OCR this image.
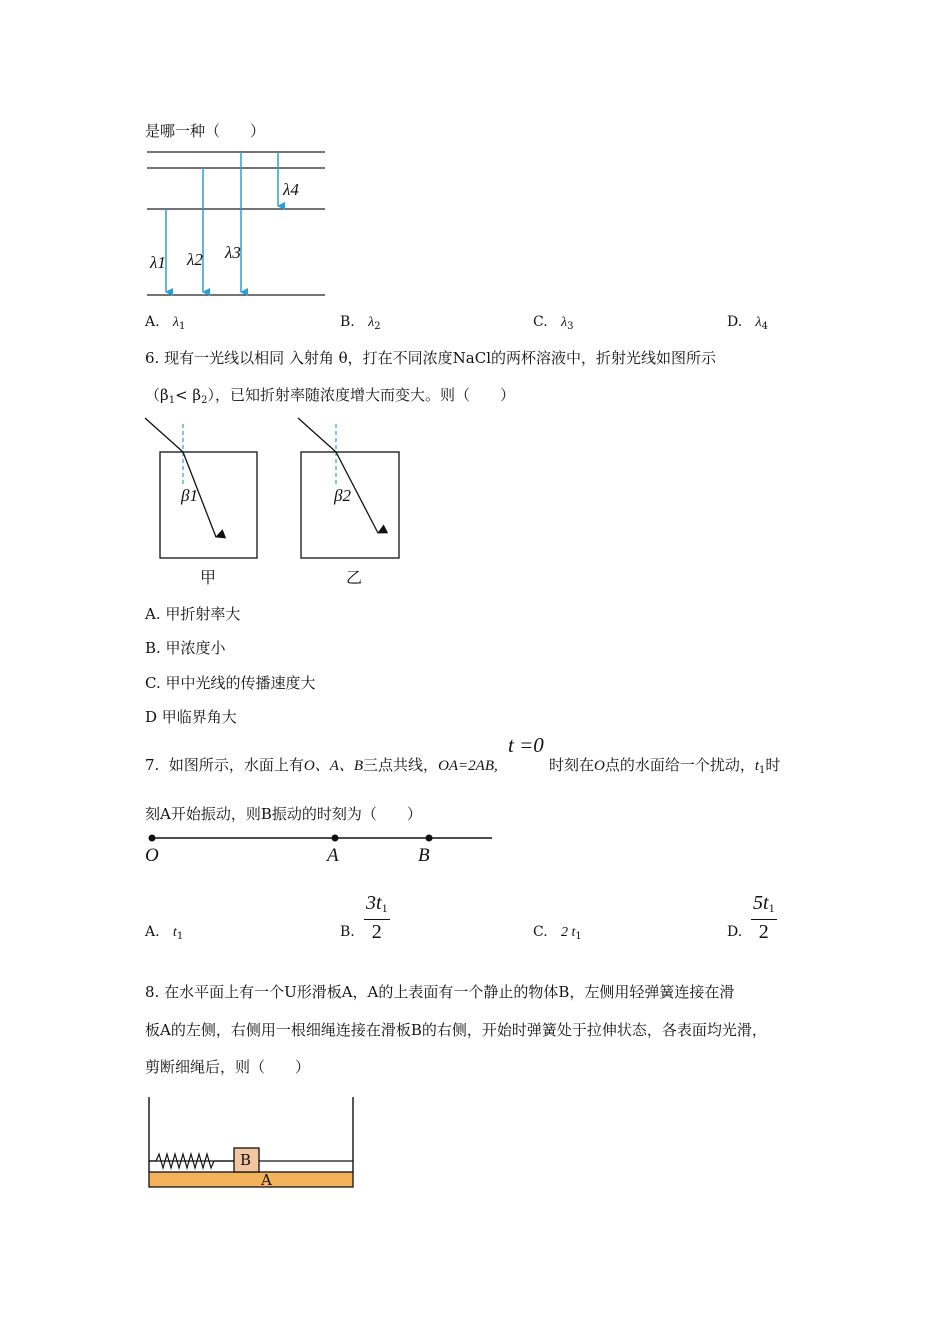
是哪一种（　　）
λ1 λ2 λ3
λ4
A. $\lambda_1$	B. $\lambda_2$	C. $\lambda_3$	D. $\lambda_4$
6. 现有一光线以相同 入射角 θ，打在不同浓度NaCl的两杯溶液中，折射光线如图所示
$(\beta_1< \beta_2)$，已知折射率随浓度增大而变大。则（　　）
β1	β2
甲	乙
A. 甲折射率大
B. 甲浓度小
C. 甲中光线的传播速度大
D 甲临界角大
7. 如图所示，水面上有O、A、B三点共线，OA=2AB,
t =0
时刻在O点的水面给一个扰动，$t_1$时
刻A开始振动，则B振动的时刻为（　　）
O	A	B
A. $t_1$	B. $\frac{3t1}{2}$	C. 2 $t_1$	D. $\frac{5t1}{2}$
8. 在水平面上有一个U形滑板A，A的上表面有一个静止的物体B，左侧用轻弹簧连接在滑
板A的左侧，右侧用一根细绳连接在滑板B的右侧，开始时弹簧处于拉伸状态，各表面均光滑，
剪断细绳后，则（　　）
B
A
